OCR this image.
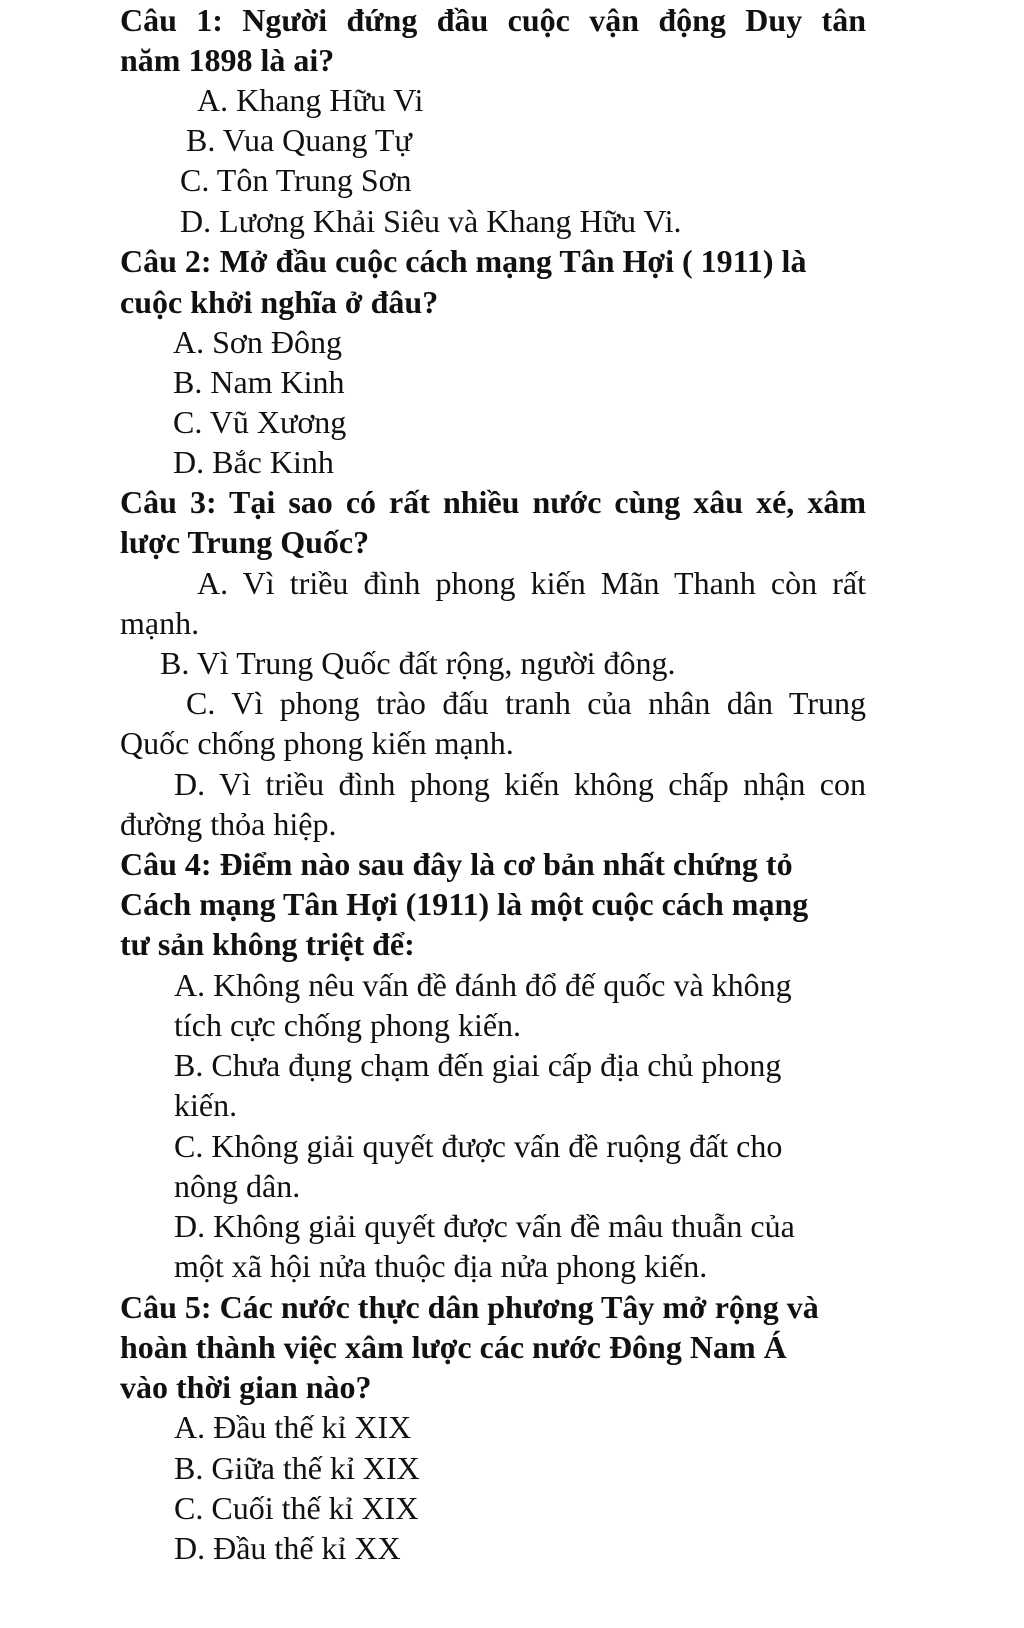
Câu 1: Người đứng đầu cuộc vận động Duy tân
năm 1898 là ai?
A. Khang Hữu Vi
B. Vua Quang Tự
C. Tôn Trung Sơn
D. Lương Khải Siêu và Khang Hữu Vi.
Câu 2: Mở đầu cuộc cách mạng Tân Hợi ( 1911) là
cuộc khởi nghĩa ở đâu?
A. Sơn Đông
B. Nam Kinh
C. Vũ Xương
D. Bắc Kinh
Câu 3: Tại sao có rất nhiều nước cùng xâu xé, xâm
lược Trung Quốc?
A. Vì triều đình phong kiến Mãn Thanh còn rất
mạnh.
B. Vì Trung Quốc đất rộng, người đông.
C. Vì phong trào đấu tranh của nhân dân Trung
Quốc chống phong kiến mạnh.
D. Vì triều đình phong kiến không chấp nhận con
đường thỏa hiệp.
Câu 4: Điểm nào sau đây là cơ bản nhất chứng tỏ
Cách mạng Tân Hợi (1911) là một cuộc cách mạng
tư sản không triệt để:
A. Không nêu vấn đề đánh đổ đế quốc và không
tích cực chống phong kiến.
B. Chưa đụng chạm đến giai cấp địa chủ phong
kiến.
C. Không giải quyết được vấn đề ruộng đất cho
nông dân.
D. Không giải quyết được vấn đề mâu thuẫn của
một xã hội nửa thuộc địa nửa phong kiến.
Câu 5: Các nước thực dân phương Tây mở rộng và
hoàn thành việc xâm lược các nước Đông Nam Á
vào thời gian nào?
A. Đầu thế kỉ XIX
B. Giữa thế kỉ XIX
C. Cuối thế kỉ XIX
D. Đầu thế kỉ XX
